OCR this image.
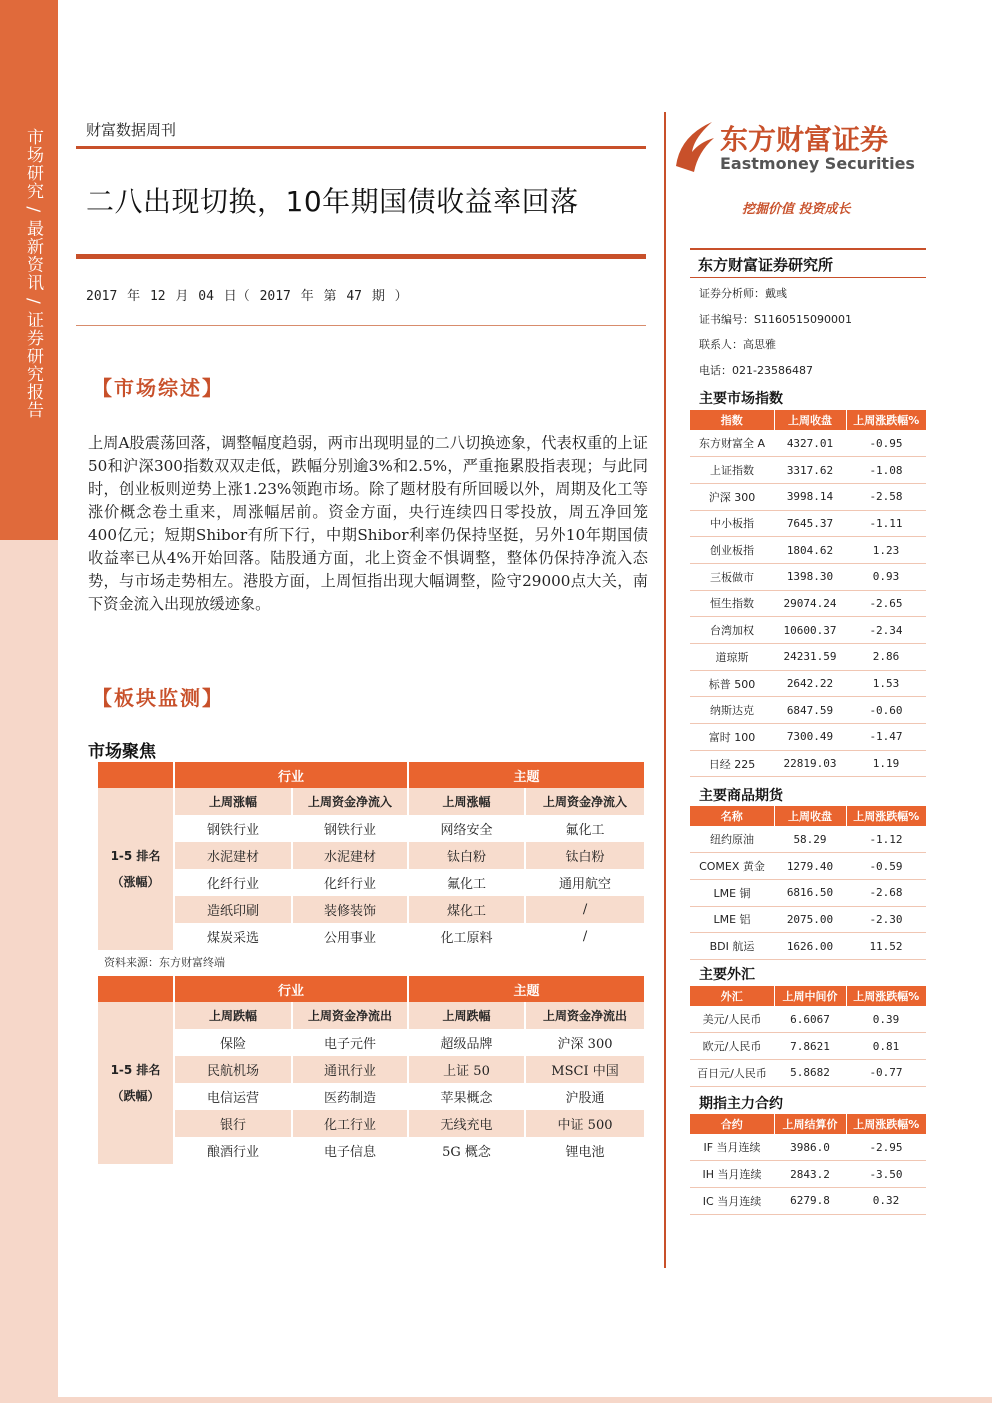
市场研究 / 最新资讯 / 证券研究报告	财富数据周刊
二八出现切换，10年期国债收益率回落
2017 年 12 月 04 日（ 2017 年 第 47 期 ）
【市场综述】
上周A股震荡回落，调整幅度趋弱，两市出现明显的二八切换迹象，代表权重的上证50和沪深300指数双双走低，跌幅分别逾3%和2.5%，严重拖累股指表现；与此同时，创业板则逆势上涨1.23%领跑市场。除了题材股有所回暖以外，周期及化工等涨价概念卷土重来，周涨幅居前。资金方面，央行连续四日零投放，周五净回笼400亿元；短期Shibor有所下行，中期Shibor利率仍保持坚挺，另外10年期国债收益率已从4%开始回落。陆股通方面，北上资金不惧调整，整体仍保持净流入态势，与市场走势相左。港股方面，上周恒指出现大幅调整，险守29000点大关，南下资金流入出现放缓迹象。
【板块监测】
市场聚焦
	行业		主题	

1-5 排名
（涨幅）	上周涨幅	上周资金净流入	上周涨幅	上周资金净流入
	钢铁行业	钢铁行业	网络安全	氟化工
	水泥建材	水泥建材	钛白粉	钛白粉
	化纤行业	化纤行业	氟化工	通用航空
	造纸印刷	装修装饰	煤化工	/
	煤炭采选	公用事业	化工原料	/
资料来源：东方财富终端
	行业		主题	

1-5 排名
（跌幅）	上周跌幅	上周资金净流出	上周跌幅	上周资金净流出
	保险	电子元件	超级品牌	沪深 300
	民航机场	通讯行业	上证 50	MSCI 中国
	电信运营	医药制造	苹果概念	沪股通
	银行	化工行业	无线充电	中证 500
	酿酒行业	电子信息	5G 概念	锂电池
东方财富证券
Eastmoney Securities
挖掘价值 投资成长
东方财富证券研究所
证券分析师：戴彧
证书编号：S1160515090001
联系人：高思雅
电话：021-23586487
主要市场指数
指数	上周收盘	上周涨跌幅%
东方财富全 A	4327.01	-0.95
上证指数	3317.62	-1.08
沪深 300	3998.14	-2.58
中小板指	7645.37	-1.11
创业板指	1804.62	1.23
三板做市	1398.30	0.93
恒生指数	29074.24	-2.65
台湾加权	10600.37	-2.34
道琼斯	24231.59	2.86
标普 500	2642.22	1.53
纳斯达克	6847.59	-0.60
富时 100	7300.49	-1.47
日经 225	22819.03	1.19
主要商品期货
名称	上周收盘	上周涨跌幅%
纽约原油	58.29	-1.12
COMEX 黄金	1279.40	-0.59
LME 铜	6816.50	-2.68
LME 铝	2075.00	-2.30
BDI 航运	1626.00	11.52
主要外汇
外汇	上周中间价	上周涨跌幅%
美元/人民币	6.6067	0.39
欧元/人民币	7.8621	0.81
百日元/人民币	5.8682	-0.77
期指主力合约
合约	上周结算价	上周涨跌幅%
IF 当月连续	3986.0	-2.95
IH 当月连续	2843.2	-3.50
IC 当月连续	6279.8	0.32
